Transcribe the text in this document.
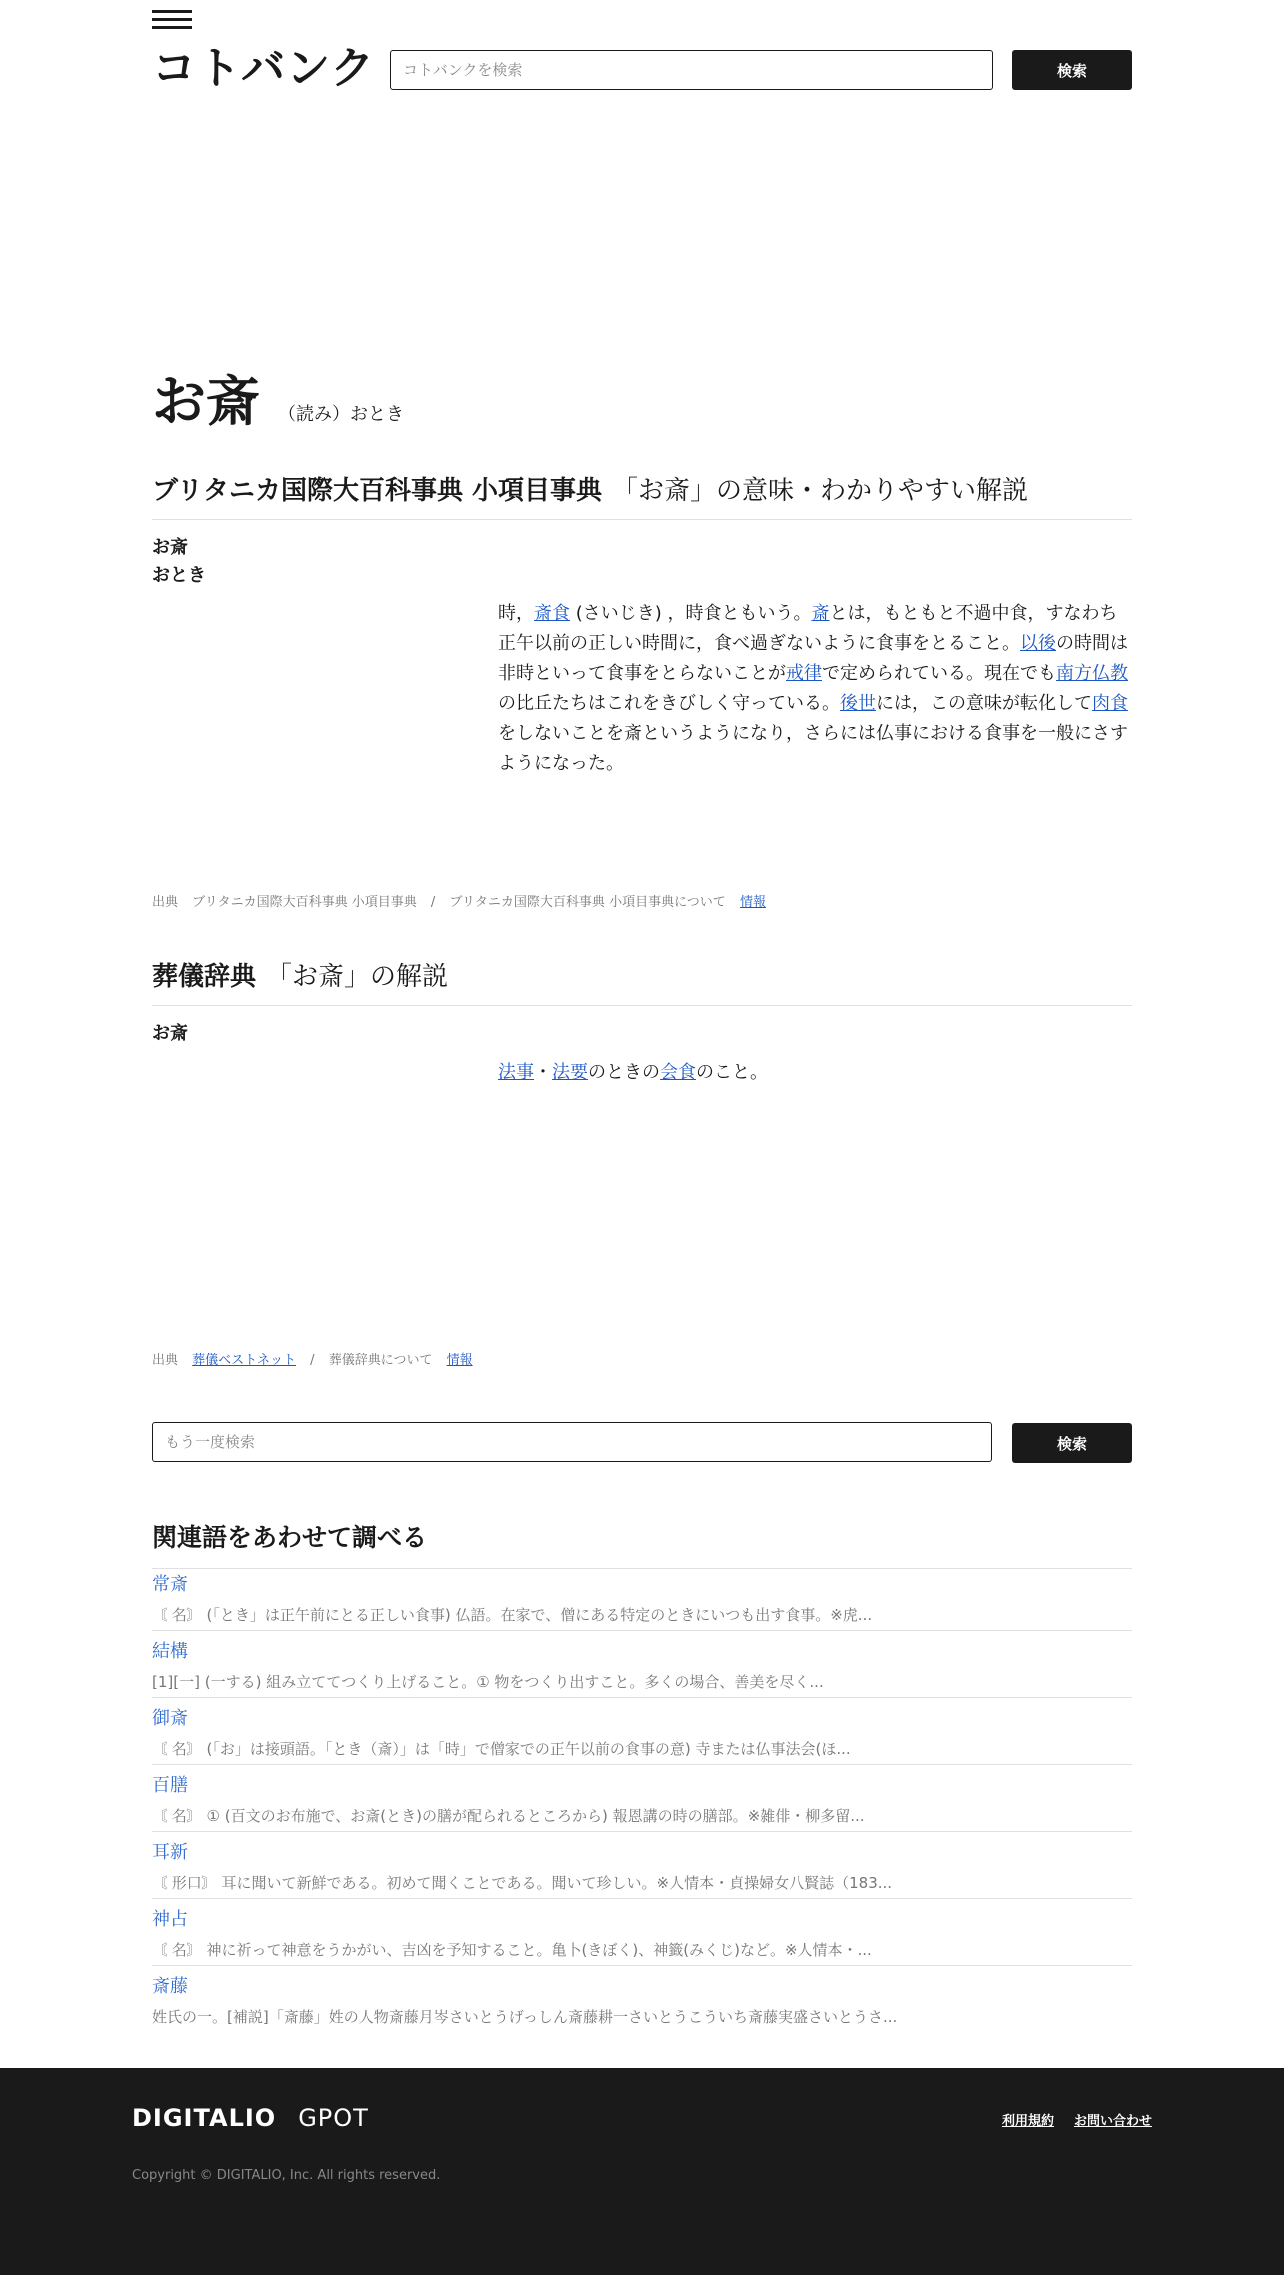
コトバンク
コトバンクを検索	検索
お斎 （読み）おとき
ブリタニカ国際大百科事典 小項目事典 「お斎」の意味・わかりやすい解説
お斎
おとき

時，斎食 (さいじき) ，時食ともいう。斎とは，もともと不過中食，すなわち正午以前の正しい時間に，食べ過ぎないように食事をとること。以後の時間は非時といって食事をとらないことが戒律で定められている。現在でも南方仏教の比丘たちはこれをきびしく守っている。後世には，この意味が転化して肉食をしないことを斎というようになり，さらには仏事における食事を一般にさすようになった。

出典 ブリタニカ国際大百科事典 小項目事典 / ブリタニカ国際大百科事典 小項目事典について 情報
葬儀辞典 「お斎」の解説
お斎

法事・法要のときの会食のこと。

出典 葬儀ベストネット / 葬儀辞典について 情報
もう一度検索
検索
関連語をあわせて調べる
常斎
〘 名〙 (「とき」は正午前にとる正しい食事) 仏語。在家で、僧にある特定のときにいつも出す食事。※虎...
結構
[1][一] (一する) 組み立ててつくり上げること。① 物をつくり出すこと。多くの場合、善美を尽く...
御斎
〘 名〙 (「お」は接頭語。「とき（斎）」は「時」で僧家での正午以前の食事の意) 寺または仏事法会(ほ...
百膳
〘 名〙 ① (百文のお布施で、お斎(とき)の膳が配られるところから) 報恩講の時の膳部。※雑俳・柳多留...
耳新
〘 形口〙 耳に聞いて新鮮である。初めて聞くことである。聞いて珍しい。※人情本・貞操婦女八賢誌（183...
神占
〘 名〙 神に祈って神意をうかがい、吉凶を予知すること。亀卜(きぼく)、神籤(みくじ)など。※人情本・...
斎藤
姓氏の一。[補説]「斎藤」姓の人物斎藤月岑さいとうげっしん斎藤耕一さいとうこういち斎藤実盛さいとうさ...
DIGITALIO GPOT	利用規約 お問い合わせ
Copyright © DIGITALIO, Inc. All rights reserved.
